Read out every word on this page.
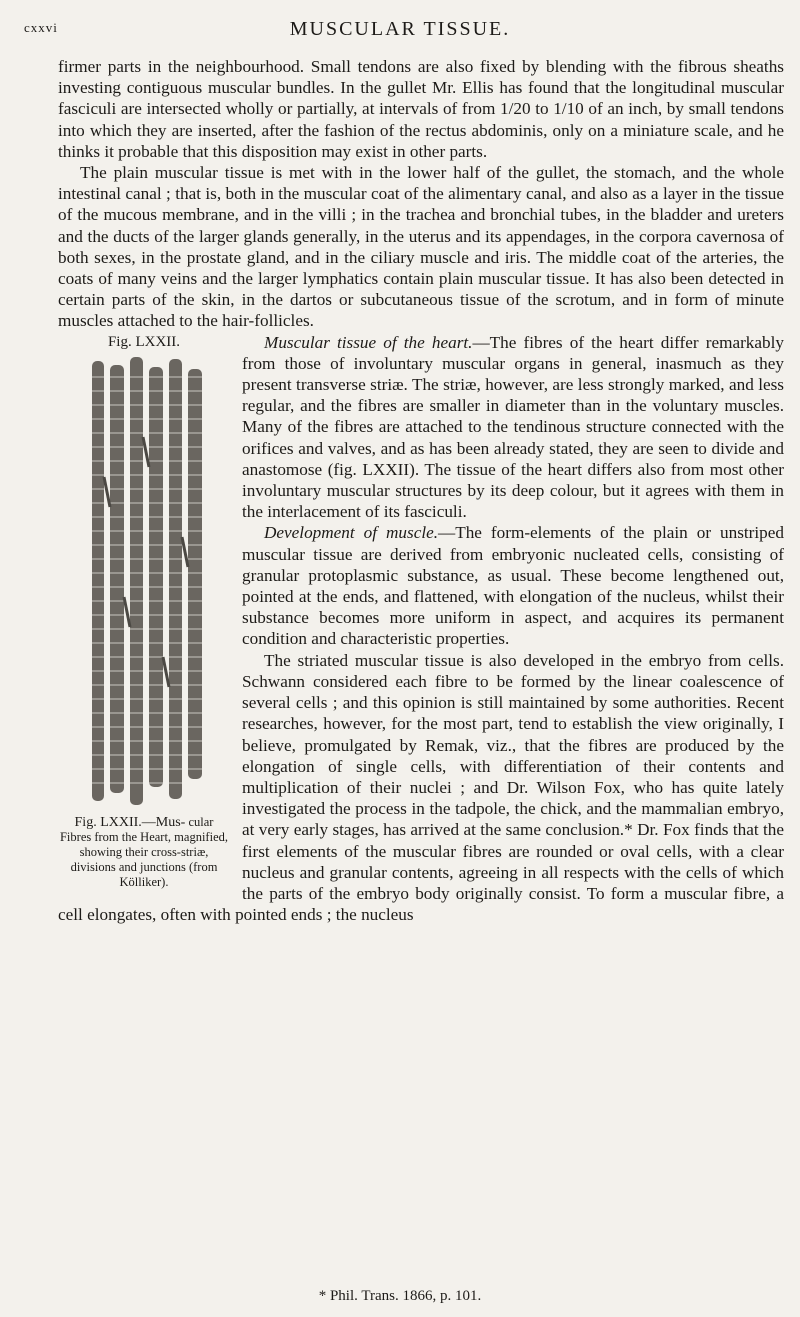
cxxvi	MUSCULAR TISSUE.

firmer parts in the neighbourhood. Small tendons are also fixed by blending with the fibrous sheaths investing contiguous muscular bundles. In the gullet Mr. Ellis has found that the longitudinal muscular fasciculi are intersected wholly or partially, at intervals of from 1/20 to 1/10 of an inch, by small tendons into which they are inserted, after the fashion of the rectus abdominis, only on a miniature scale, and he thinks it probable that this disposition may exist in other parts.

The plain muscular tissue is met with in the lower half of the gullet, the stomach, and the whole intestinal canal ; that is, both in the muscular coat of the alimentary canal, and also as a layer in the tissue of the mucous membrane, and in the villi ; in the trachea and bronchial tubes, in the bladder and ureters and the ducts of the larger glands generally, in the uterus and its appendages, in the corpora cavernosa of both sexes, in the prostate gland, and in the ciliary muscle and iris. The middle coat of the arteries, the coats of many veins and the larger lymphatics contain plain muscular tissue. It has also been detected in certain parts of the skin, in the dartos or subcutaneous tissue of the scrotum, and in form of minute muscles attached to the hair-follicles.

Fig. LXXII.
Fig. LXXII.—Mus- cular Fibres from the Heart, magnified, showing their cross-striæ, divisions and junctions (from Kölliker).

Muscular tissue of the heart.—The fibres of the heart differ remarkably from those of involuntary muscular organs in general, inasmuch as they present transverse striæ. The striæ, however, are less strongly marked, and less regular, and the fibres are smaller in diameter than in the voluntary muscles. Many of the fibres are attached to the tendinous structure connected with the orifices and valves, and as has been already stated, they are seen to divide and anastomose (fig. LXXII). The tissue of the heart differs also from most other involuntary muscular structures by its deep colour, but it agrees with them in the interlacement of its fasciculi.

Development of muscle.—The form-elements of the plain or unstriped muscular tissue are derived from embryonic nucleated cells, consisting of granular protoplasmic substance, as usual. These become lengthened out, pointed at the ends, and flattened, with elongation of the nucleus, whilst their substance becomes more uniform in aspect, and acquires its permanent condition and characteristic properties.

The striated muscular tissue is also developed in the embryo from cells. Schwann considered each fibre to be formed by the linear coalescence of several cells ; and this opinion is still maintained by some authorities. Recent researches, however, for the most part, tend to establish the view originally, I believe, promulgated by Remak, viz., that the fibres are produced by the elongation of single cells, with differentiation of their contents and multiplication of their nuclei ; and Dr. Wilson Fox, who has quite lately investigated the process in the tadpole, the chick, and the mammalian embryo, at very early stages, has arrived at the same conclusion.* Dr. Fox finds that the first elements of the muscular fibres are rounded or oval cells, with a clear nucleus and granular contents, agreeing in all respects with the cells of which the parts of the embryo body originally consist. To form a muscular fibre, a cell elongates, often with pointed ends ; the nucleus

* Phil. Trans. 1866, p. 101.
